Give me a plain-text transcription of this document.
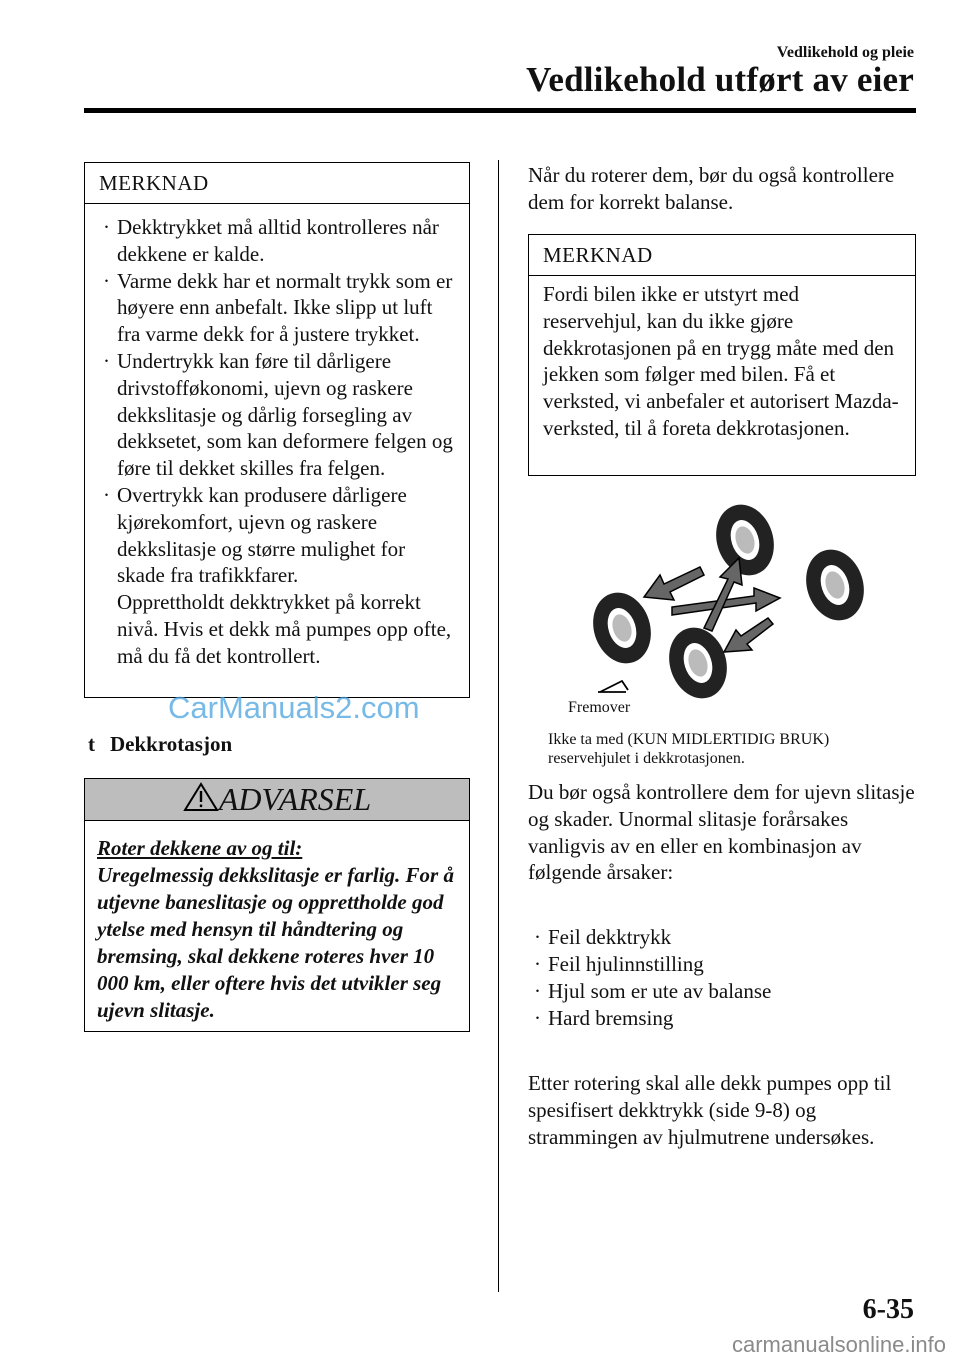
Vedlikehold og pleie
Vedlikehold utført av eier
MERKNAD
· Dekktrykket må alltid kontrolleres når dekkene er kalde.
· Varme dekk har et normalt trykk som er høyere enn anbefalt. Ikke slipp ut luft fra varme dekk for å justere trykket.
· Undertrykk kan føre til dårligere drivstofføkonomi, ujevn og raskere dekkslitasje og dårlig forsegling av dekksetet, som kan deformere felgen og føre til dekket skilles fra felgen.
· Overtrykk kan produsere dårligere kjørekomfort, ujevn og raskere dekkslitasje og større mulighet for skade fra trafikkfarer.
Opprettholdt dekktrykket på korrekt nivå. Hvis et dekk må pumpes opp ofte, må du få det kontrollert.
CarManuals2.com
t Dekkrotasjon
ADVARSEL
Roter dekkene av og til:
Uregelmessig dekkslitasje er farlig. For å utjevne baneslitasje og opprettholde god ytelse med hensyn til håndtering og bremsing, skal dekkene roteres hver 10 000 km, eller oftere hvis det utvikler seg ujevn slitasje.
Når du roterer dem, bør du også kontrollere dem for korrekt balanse.
MERKNAD
Fordi bilen ikke er utstyrt med reservehjul, kan du ikke gjøre dekkrotasjonen på en trygg måte med den jekken som følger med bilen. Få et verksted, vi anbefaler et autorisert Mazda-verksted, til å foreta dekkrotasjonen.
Fremover
Ikke ta med (KUN MIDLERTIDIG BRUK) reservehjulet i dekkrotasjonen.
Du bør også kontrollere dem for ujevn slitasje og skader. Unormal slitasje forårsakes vanligvis av en eller en kombinasjon av følgende årsaker:
· Feil dekktrykk
· Feil hjulinnstilling
· Hjul som er ute av balanse
· Hard bremsing
Etter rotering skal alle dekk pumpes opp til spesifisert dekktrykk (side 9-8) og strammingen av hjulmutrene undersøkes.
6-35
carmanualsonline.info
